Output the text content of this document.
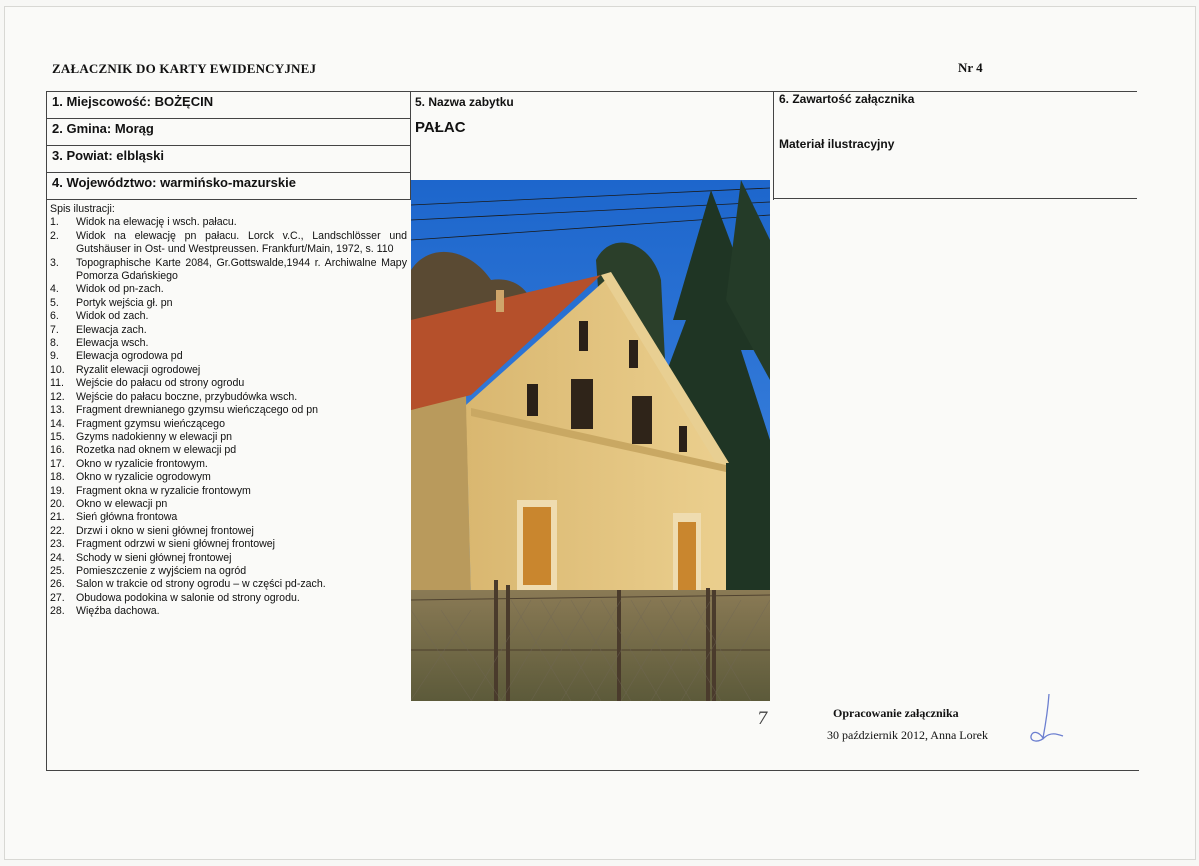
ZAŁACZNIK DO KARTY EWIDENCYJNEJ	Nr 4
1. Miejscowość: BOŻĘCIN
2. Gmina: Morąg
3. Powiat: elbląski
4. Województwo: warmińsko-mazurskie
5. Nazwa zabytku
PAŁAC
6. Zawartość załącznika
Materiał ilustracyjny
Spis ilustracji:
1.	Widok na elewację i wsch. pałacu.
2.	Widok na elewację pn pałacu. Lorck v.C., Landschlösser und Gutshäuser in Ost- und Westpreussen. Frankfurt/Main, 1972, s. 110
3.	Topographische Karte 2084, Gr.Gottswalde,1944 r. Archiwalne Mapy Pomorza Gdańskiego
4.	Widok od pn-zach.
5.	Portyk wejścia gł. pn
6.	Widok od zach.
7.	Elewacja zach.
8.	Elewacja wsch.
9.	Elewacja ogrodowa pd
10.	Ryzalit elewacji ogrodowej
11.	Wejście do pałacu od strony ogrodu
12.	Wejście do pałacu boczne, przybudówka wsch.
13.	Fragment drewnianego gzymsu wieńczącego od pn
14.	Fragment gzymsu wieńczącego
15.	Gzyms nadokienny w elewacji pn
16.	Rozetka nad oknem w elewacji pd
17.	Okno w ryzalicie frontowym.
18.	Okno w ryzalicie ogrodowym
19.	Fragment okna w ryzalicie frontowym
20.	Okno w elewacji pn
21.	Sień główna frontowa
22.	Drzwi i okno w sieni głównej frontowej
23.	Fragment odrzwi w sieni głównej frontowej
24.	Schody w sieni głównej frontowej
25.	Pomieszczenie z wyjściem na ogród
26.	Salon w trakcie od strony ogrodu – w części pd-zach.
27.	Obudowa podokina w salonie od strony ogrodu.
28.	Więźba dachowa.
7	Opracowanie załącznika
30 październik 2012, Anna Lorek
